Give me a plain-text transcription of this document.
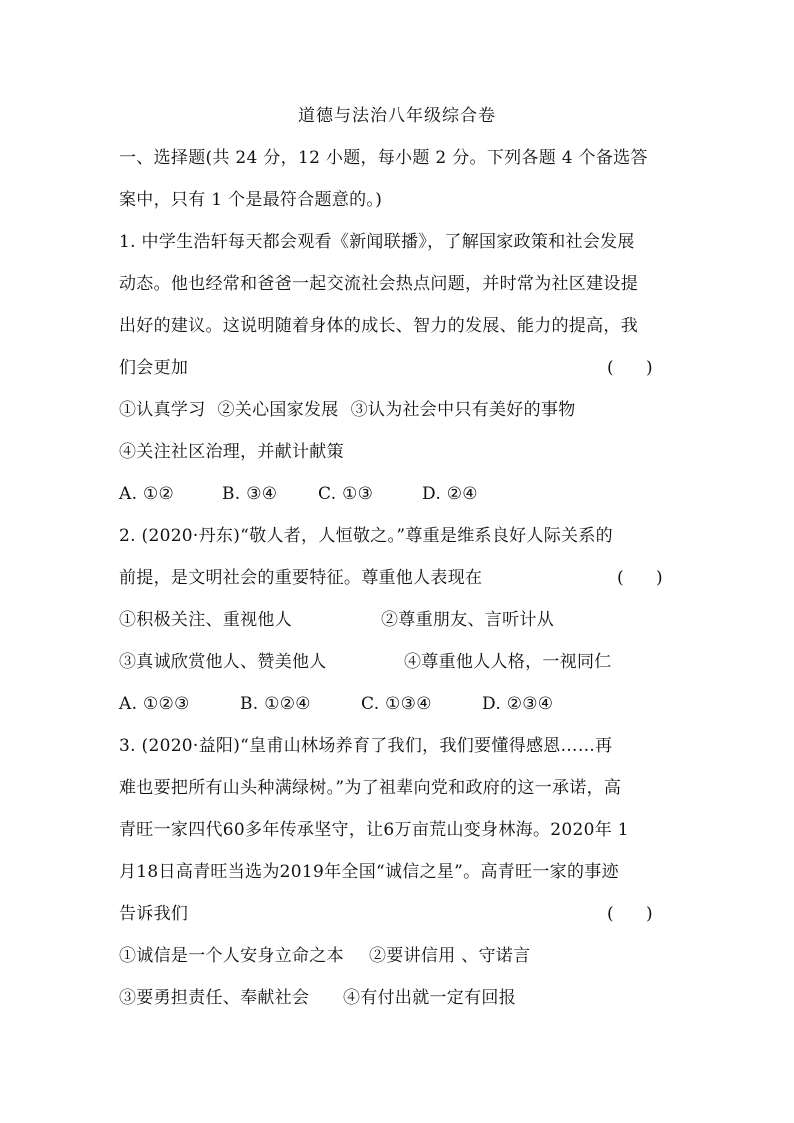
道德与法治八年级综合卷
一、选择题(共 24 分，12 小题，每小题 2 分。下列各题 4 个备选答
案中，只有 1 个是最符合题意的。)
1. 中学生浩轩每天都会观看《新闻联播》，了解国家政策和社会发展
动态。他也经常和爸爸一起交流社会热点问题，并时常为社区建设提
出好的建议。这说明随着身体的成长、智力的发展、能力的提高，我
们会更加	(      )
①认真学习 ②关心国家发展 ③认为社会中只有美好的事物
④关注社区治理，并献计献策
A. ①②	B. ③④ C. ①③	D. ②④
2. (2020·丹东)“敬人者，人恒敬之。”尊重是维系良好人际关系的
前提，是文明社会的重要特征。尊重他人表现在	(      )
①积极关注、重视他人	②尊重朋友、言听计从
③真诚欣赏他人、赞美他人	④尊重他人人格，一视同仁
A. ①②③	B. ①②④	C. ①③④	D. ②③④
3. (2020·益阳)“皇甫山林场养育了我们，我们要懂得感恩……再
难也要把所有山头种满绿树。”为了祖辈向党和政府的这一承诺，高
青旺一家四代60多年传承坚守，让6万亩荒山变身林海。2020年 1
月18日高青旺当选为2019年全国“诚信之星”。高青旺一家的事迹
告诉我们	(      )
①诚信是一个人安身立命之本 ②要讲信用 、守诺言
③要勇担责任、奉献社会 ④有付出就一定有回报
